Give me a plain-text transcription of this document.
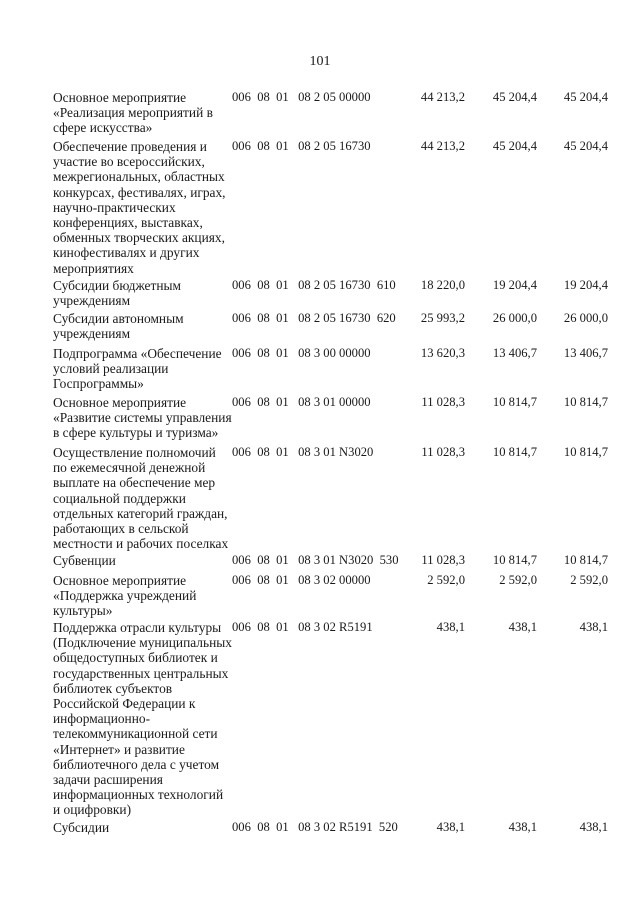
101
Основное мероприятие
«Реализация мероприятий в
сфере искусства»
006  08  01   08 2 05 00000	44 213,2	45 204,4	45 204,4
Обеспечение проведения и
участие во всероссийских,
межрегиональных, областных
конкурсах, фестивалях, играх,
научно-практических
конференциях, выставках,
обменных творческих акциях,
кинофестивалях и других
мероприятиях
006  08  01   08 2 05 16730	44 213,2	45 204,4	45 204,4
Субсидии бюджетным
учреждениям
006  08  01   08 2 05 16730  610	18 220,0	19 204,4	19 204,4
Субсидии автономным
учреждениям
006  08  01   08 2 05 16730  620	25 993,2	26 000,0	26 000,0
Подпрограмма «Обеспечение
условий реализации
Госпрограммы»
006  08  01   08 3 00 00000	13 620,3	13 406,7	13 406,7
Основное мероприятие
«Развитие системы управления
в сфере культуры и туризма»
006  08  01   08 3 01 00000	11 028,3	10 814,7	10 814,7
Осуществление полномочий
по ежемесячной денежной
выплате на обеспечение мер
социальной поддержки
отдельных категорий граждан,
работающих в сельской
местности и рабочих поселках
006  08  01   08 3 01 N3020	11 028,3	10 814,7	10 814,7
Субвенции	006  08  01   08 3 01 N3020  530	11 028,3	10 814,7	10 814,7
Основное мероприятие
«Поддержка учреждений
культуры»
006  08  01   08 3 02 00000	2 592,0	2 592,0	2 592,0
Поддержка отрасли культуры
(Подключение муниципальных
общедоступных библиотек и
государственных центральных
библиотек субъектов
Российской Федерации к
информационно-
телекоммуникационной сети
«Интернет» и развитие
библиотечного дела с учетом
задачи расширения
информационных технологий
и оцифровки)
006  08  01   08 3 02 R5191	438,1	438,1	438,1
Субсидии	006  08  01   08 3 02 R5191  520	438,1	438,1	438,1
